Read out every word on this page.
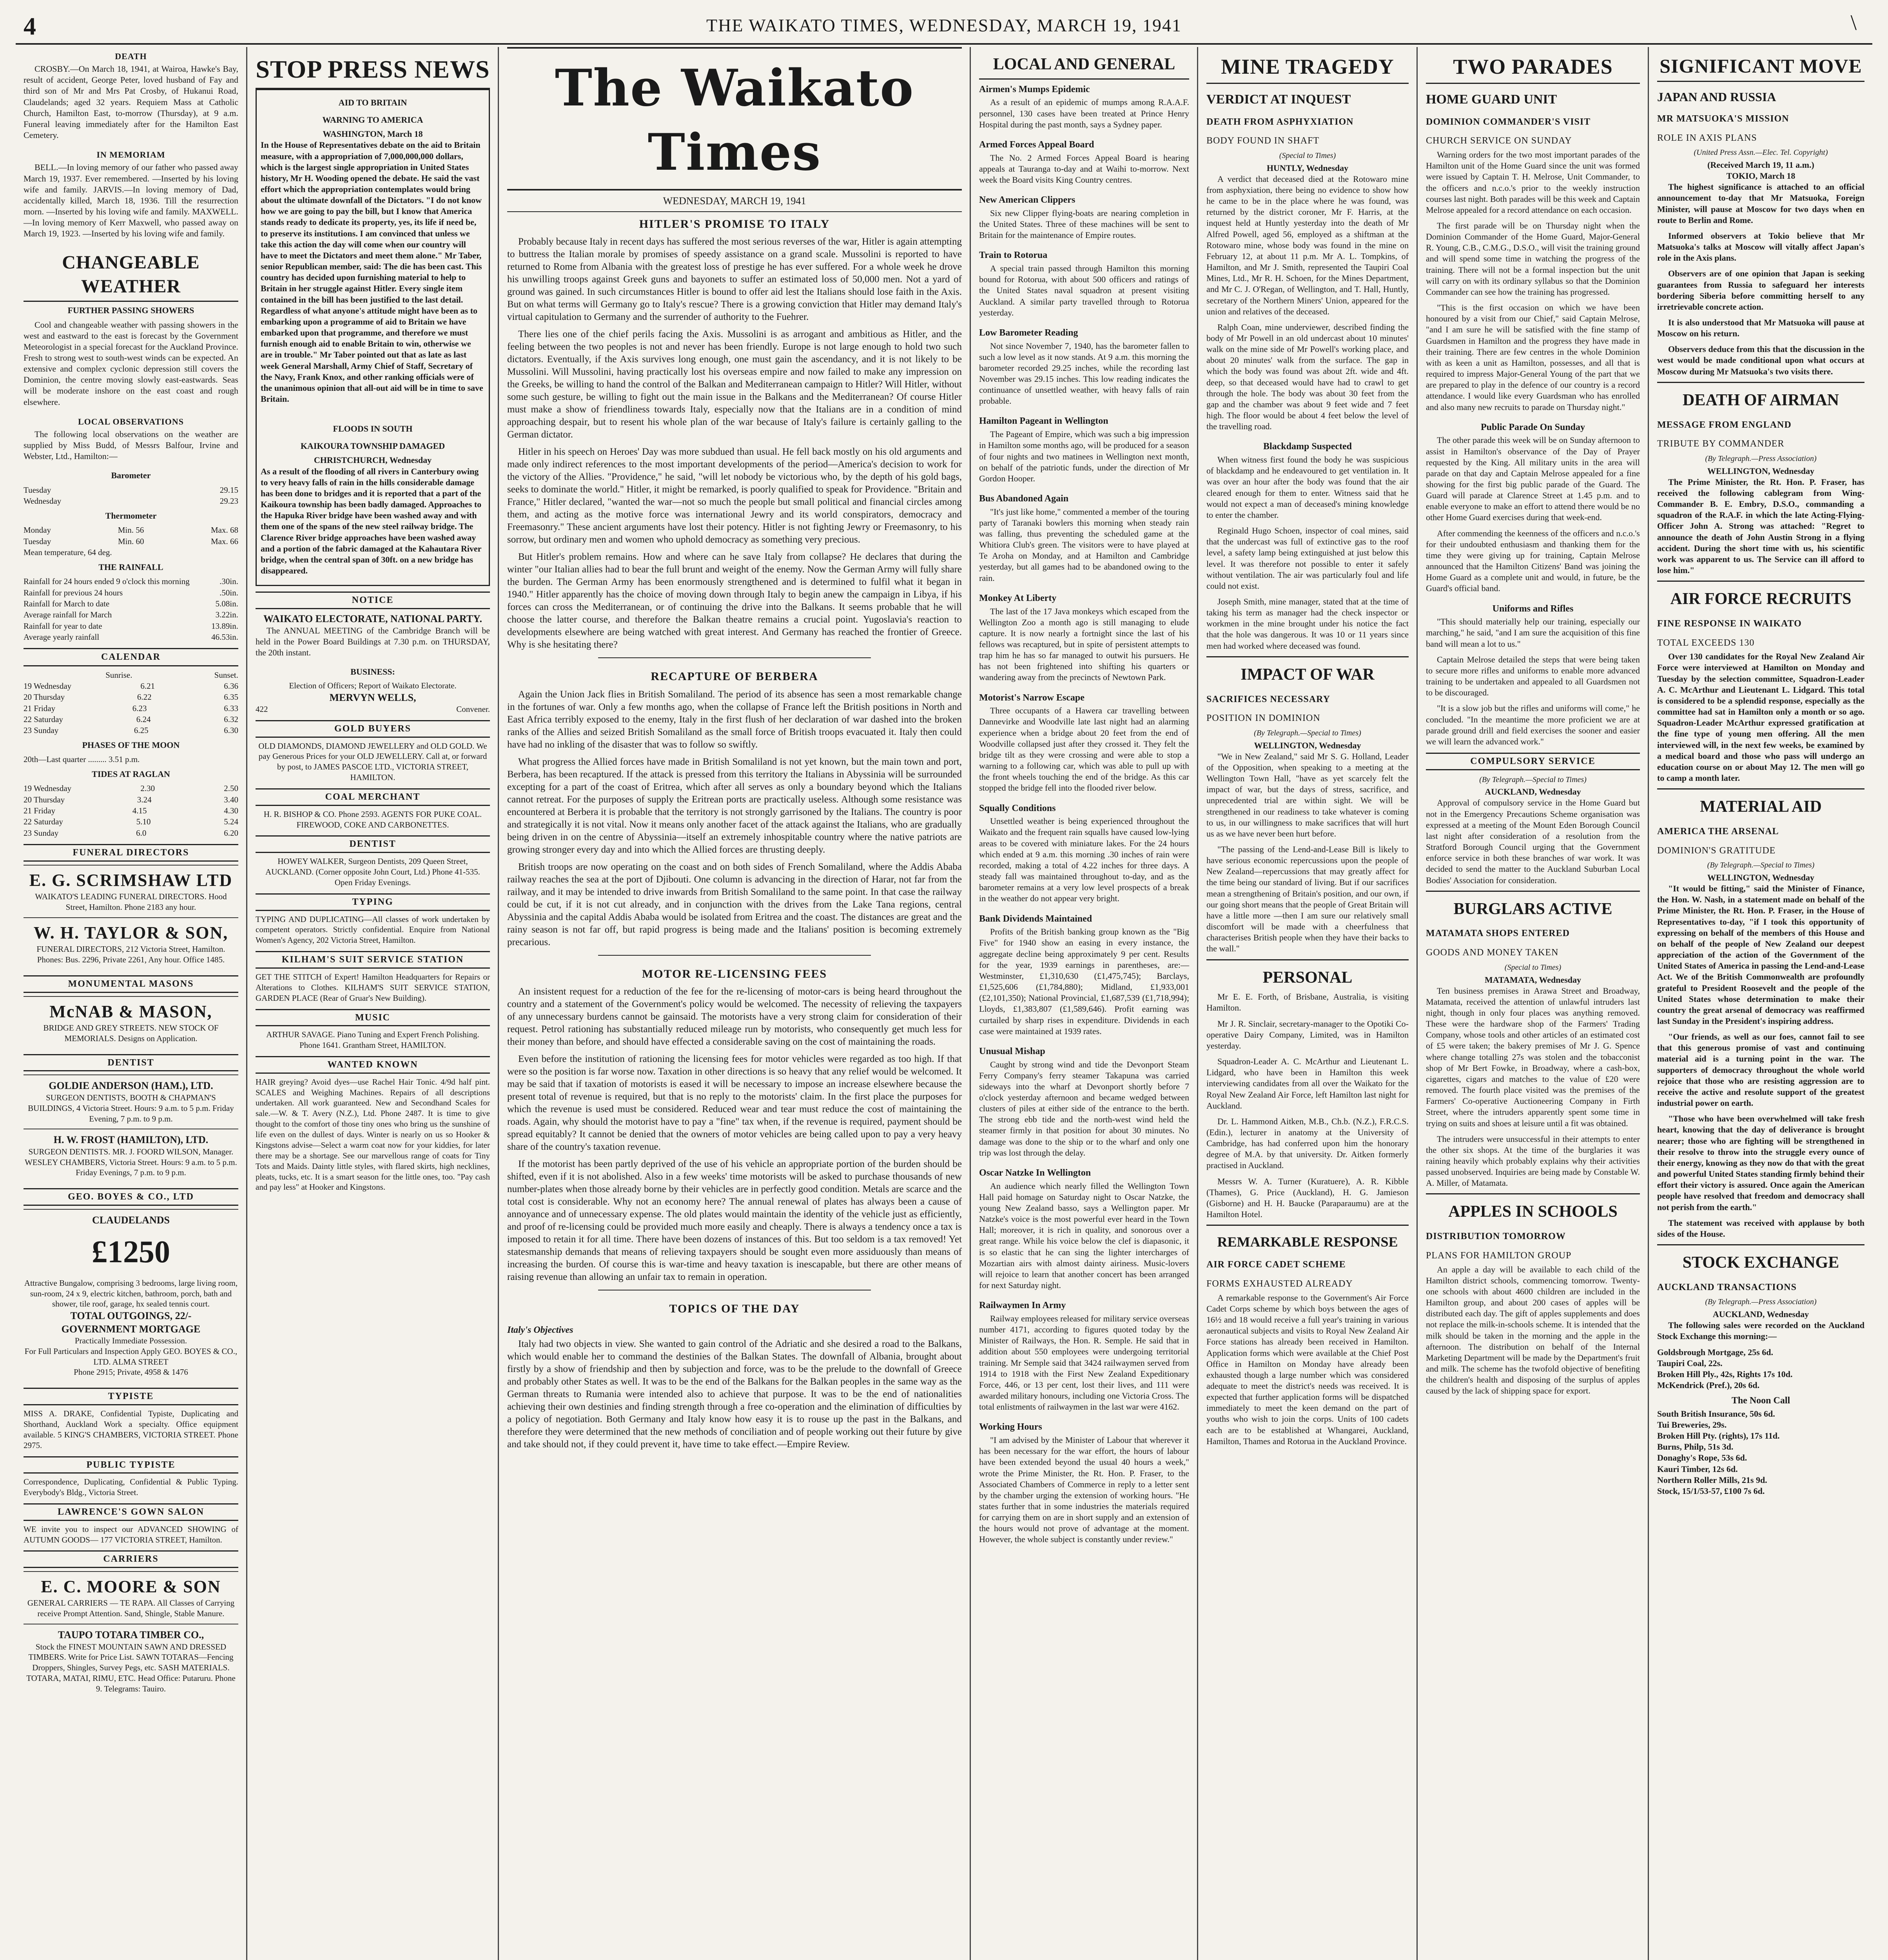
4	THE WAIKATO TIMES, WEDNESDAY, MARCH 19, 1941	\
DEATH

CROSBY.—On March 18, 1941, at Wairoa, Hawke's Bay, result of accident, George Peter, loved husband of Fay and third son of Mr and Mrs Pat Crosby, of Hukanui Road, Claudelands; aged 32 years. Requiem Mass at Catholic Church, Hamilton East, to-morrow (Thursday), at 9 a.m. Funeral leaving immediately after for the Hamilton East Cemetery.

IN MEMORIAM

BELL.—In loving memory of our father who passed away March 19, 1937. Ever remembered. —Inserted by his loving wife and family. JARVIS.—In loving memory of Dad, accidentally killed, March 18, 1936. Till the resurrection morn. —Inserted by his loving wife and family. MAXWELL.—In loving memory of Kerr Maxwell, who passed away on March 19, 1923. —Inserted by his loving wife and family.

CHANGEABLE WEATHER
FURTHER PASSING SHOWERS

Cool and changeable weather with passing showers in the west and eastward to the east is forecast by the Government Meteorologist in a special forecast for the Auckland Province. Fresh to strong west to south-west winds can be expected. An extensive and complex cyclonic depression still covers the Dominion, the centre moving slowly east-eastwards. Seas will be moderate inshore on the east coast and rough elsewhere.

LOCAL OBSERVATIONS

The following local observations on the weather are supplied by Miss Budd, of Messrs Balfour, Irvine and Webster, Ltd., Hamilton:—

Barometer
Tuesday	29.15
Wednesday	29.23
Thermometer
Monday	Min. 56	Max. 68
Tuesday	Min. 60	Max. 66
Mean temperature, 64 deg.
THE RAINFALL
Rainfall for 24 hours ended 9 o'clock this morning	.30in.
Rainfall for previous 24 hours	.50in.
Rainfall for March to date	5.08in.
Average rainfall for March	3.22in.
Rainfall for year to date	13.89in.
Average yearly rainfall	46.53in.
CALENDAR
Sunrise.	Sunset.
19 Wednesday	6.21	6.36
20 Thursday	6.22	6.35
21 Friday	6.23	6.33
22 Saturday	6.24	6.32
23 Sunday	6.25	6.30
PHASES OF THE MOON
20th—Last quarter ......... 3.51 p.m.
TIDES AT RAGLAN
19 Wednesday	2.30	2.50
20 Thursday	3.24	3.40
21 Friday	4.15	4.30
22 Saturday	5.10	5.24
23 Sunday	6.0	6.20
FUNERAL DIRECTORS
E. G. SCRIMSHAW LTD
WAIKATO'S LEADING FUNERAL DIRECTORS. Hood Street, Hamilton. Phone 2183 any hour.
W. H. TAYLOR & SON,
FUNERAL DIRECTORS, 212 Victoria Street, Hamilton. Phones: Bus. 2296, Private 2261, Any hour. Office 1485.
MONUMENTAL MASONS
McNAB & MASON,
BRIDGE AND GREY STREETS. NEW STOCK OF MEMORIALS. Designs on Application.
DENTIST
GOLDIE ANDERSON (HAM.), LTD.
SURGEON DENTISTS, BOOTH & CHAPMAN'S BUILDINGS, 4 Victoria Street. Hours: 9 a.m. to 5 p.m. Friday Evening, 7 p.m. to 9 p.m.
H. W. FROST (HAMILTON), LTD.
SURGEON DENTISTS. MR. J. FOORD WILSON, Manager. WESLEY CHAMBERS, Victoria Street. Hours: 9 a.m. to 5 p.m. Friday Evenings, 7 p.m. to 9 p.m.
GEO. BOYES & CO., LTD
CLAUDELANDS
£1250
Attractive Bungalow, comprising 3 bedrooms, large living room, sun-room, 24 x 9, electric kitchen, bathroom, porch, bath and shower, tile roof, garage, hx sealed tennis court.
TOTAL OUTGOINGS, 22/-
GOVERNMENT MORTGAGE
Practically Immediate Possession.
For Full Particulars and Inspection Apply GEO. BOYES & CO., LTD. ALMA STREET
Phone 2915; Private, 4958 & 1476
TYPISTE
MISS A. DRAKE, Confidential Typiste, Duplicating and Shorthand, Auckland Work a specialty. Office equipment available. 5 KING'S CHAMBERS, VICTORIA STREET. Phone 2975.
PUBLIC TYPISTE
Correspondence, Duplicating, Confidential & Public Typing. Everybody's Bldg., Victoria Street.
LAWRENCE'S GOWN SALON
WE invite you to inspect our ADVANCED SHOWING of AUTUMN GOODS— 177 VICTORIA STREET, Hamilton.
CARRIERS
E. C. MOORE & SON
GENERAL CARRIERS — TE RAPA. All Classes of Carrying receive Prompt Attention. Sand, Shingle, Stable Manure.
TAUPO TOTARA TIMBER CO.,
Stock the FINEST MOUNTAIN SAWN AND DRESSED TIMBERS. Write for Price List. SAWN TOTARAS—Fencing Droppers, Shingles, Survey Pegs, etc. SASH MATERIALS. TOTARA, MATAI, RIMU, ETC. Head Office: Putaruru. Phone 9. Telegrams: Tauiro.
STOP PRESS NEWS
AID TO BRITAIN
WARNING TO AMERICA
WASHINGTON, March 18

In the House of Representatives debate on the aid to Britain measure, with a appropriation of 7,000,000,000 dollars, which is the largest single appropriation in United States history, Mr H. Wooding opened the debate. He said the vast effort which the appropriation contemplates would bring about the ultimate downfall of the Dictators. "I do not know how we are going to pay the bill, but I know that America stands ready to dedicate its property, yes, its life if need be, to preserve its institutions. I am convinced that unless we take this action the day will come when our country will have to meet the Dictators and meet them alone." Mr Taber, senior Republican member, said: The die has been cast. This country has decided upon furnishing material to help to Britain in her struggle against Hitler. Every single item contained in the bill has been justified to the last detail. Regardless of what anyone's attitude might have been as to embarking upon a programme of aid to Britain we have embarked upon that programme, and therefore we must furnish enough aid to enable Britain to win, otherwise we are in trouble." Mr Taber pointed out that as late as last week General Marshall, Army Chief of Staff, Secretary of the Navy, Frank Knox, and other ranking officials were of the unanimous opinion that all-out aid will be in time to save Britain.

FLOODS IN SOUTH
KAIKOURA TOWNSHIP DAMAGED
CHRISTCHURCH, Wednesday

As a result of the flooding of all rivers in Canterbury owing to very heavy falls of rain in the hills considerable damage has been done to bridges and it is reported that a part of the Kaikoura township has been badly damaged. Approaches to the Hapuka River bridge have been washed away and with them one of the spans of the new steel railway bridge. The Clarence River bridge approaches have been washed away and a portion of the fabric damaged at the Kahautara River bridge, when the central span of 30ft. on a new bridge has disappeared.

NOTICE
WAIKATO ELECTORATE, NATIONAL PARTY.

The ANNUAL MEETING of the Cambridge Branch will be held in the Power Board Buildings at 7.30 p.m. on THURSDAY, the 20th instant.

BUSINESS:
Election of Officers; Report of Waikato Electorate.
MERVYN WELLS,
422	Convener.
GOLD BUYERS
OLD DIAMONDS, DIAMOND JEWELLERY and OLD GOLD. We pay Generous Prices for your OLD JEWELLERY. Call at, or forward by post, to JAMES PASCOE LTD., VICTORIA STREET, HAMILTON.
COAL MERCHANT
H. R. BISHOP & CO. Phone 2593. AGENTS FOR PUKE COAL. FIREWOOD, COKE AND CARBONETTES.
DENTIST
HOWEY WALKER, Surgeon Dentists, 209 Queen Street, AUCKLAND. (Corner opposite John Court, Ltd.) Phone 41-535. Open Friday Evenings.
TYPING
TYPING AND DUPLICATING—All classes of work undertaken by competent operators. Strictly confidential. Enquire from National Women's Agency, 202 Victoria Street, Hamilton.
KILHAM'S SUIT SERVICE STATION
GET THE STITCH of Expert! Hamilton Headquarters for Repairs or Alterations to Clothes. KILHAM'S SUIT SERVICE STATION, GARDEN PLACE (Rear of Gruar's New Building).
MUSIC
ARTHUR SAVAGE. Piano Tuning and Expert French Polishing. Phone 1641. Grantham Street, HAMILTON.
WANTED KNOWN
HAIR greying? Avoid dyes—use Rachel Hair Tonic. 4/9d half pint. SCALES and Weighing Machines. Repairs of all descriptions undertaken. All work guaranteed. New and Secondhand Scales for sale.—W. & T. Avery (N.Z.), Ltd. Phone 2487. It is time to give thought to the comfort of those tiny ones who bring us the sunshine of life even on the dullest of days. Winter is nearly on us so Hooker & Kingstons advise—Select a warm coat now for your kiddies, for later there may be a shortage. See our marvellous range of coats for Tiny Tots and Maids. Dainty little styles, with flared skirts, high necklines, pleats, tucks, etc. It is a smart season for the little ones, too. "Pay cash and pay less" at Hooker and Kingstons.
The Waikato Times
WEDNESDAY, MARCH 19, 1941
HITLER'S PROMISE TO ITALY

Probably because Italy in recent days has suffered the most serious reverses of the war, Hitler is again attempting to buttress the Italian morale by promises of speedy assistance on a grand scale. Mussolini is reported to have returned to Rome from Albania with the greatest loss of prestige he has ever suffered. For a whole week he drove his unwilling troops against Greek guns and bayonets to suffer an estimated loss of 50,000 men. Not a yard of ground was gained. In such circumstances Hitler is bound to offer aid lest the Italians should lose faith in the Axis. But on what terms will Germany go to Italy's rescue? There is a growing conviction that Hitler may demand Italy's virtual capitulation to Germany and the surrender of authority to the Fuehrer.

There lies one of the chief perils facing the Axis. Mussolini is as arrogant and ambitious as Hitler, and the feeling between the two peoples is not and never has been friendly. Europe is not large enough to hold two such dictators. Eventually, if the Axis survives long enough, one must gain the ascendancy, and it is not likely to be Mussolini. Will Mussolini, having practically lost his overseas empire and now failed to make any impression on the Greeks, be willing to hand the control of the Balkan and Mediterranean campaign to Hitler? Will Hitler, without some such gesture, be willing to fight out the main issue in the Balkans and the Mediterranean? Of course Hitler must make a show of friendliness towards Italy, especially now that the Italians are in a condition of mind approaching despair, but to resent his whole plan of the war because of Italy's failure is certainly galling to the German dictator.

Hitler in his speech on Heroes' Day was more subdued than usual. He fell back mostly on his old arguments and made only indirect references to the most important developments of the period—America's decision to work for the victory of the Allies. "Providence," he said, "will let nobody be victorious who, by the depth of his gold bags, seeks to dominate the world." Hitler, it might be remarked, is poorly qualified to speak for Providence. "Britain and France," Hitler declared, "wanted the war—not so much the people but small political and financial circles among them, and acting as the motive force was international Jewry and its world conspirators, democracy and Freemasonry." These ancient arguments have lost their potency. Hitler is not fighting Jewry or Freemasonry, to his sorrow, but ordinary men and women who uphold democracy as something very precious.

But Hitler's problem remains. How and where can he save Italy from collapse? He declares that during the winter "our Italian allies had to bear the full brunt and weight of the enemy. Now the German Army will fully share the burden. The German Army has been enormously strengthened and is determined to fulfil what it began in 1940." Hitler apparently has the choice of moving down through Italy to begin anew the campaign in Libya, if his forces can cross the Mediterranean, or of continuing the drive into the Balkans. It seems probable that he will choose the latter course, and therefore the Balkan theatre remains a crucial point. Yugoslavia's reaction to developments elsewhere are being watched with great interest. And Germany has reached the frontier of Greece. Why is she hesitating there?

RECAPTURE OF BERBERA

Again the Union Jack flies in British Somaliland. The period of its absence has seen a most remarkable change in the fortunes of war. Only a few months ago, when the collapse of France left the British positions in North and East Africa terribly exposed to the enemy, Italy in the first flush of her declaration of war dashed into the broken ranks of the Allies and seized British Somaliland as the small force of British troops evacuated it. Italy then could have had no inkling of the disaster that was to follow so swiftly.

What progress the Allied forces have made in British Somaliland is not yet known, but the main town and port, Berbera, has been recaptured. If the attack is pressed from this territory the Italians in Abyssinia will be surrounded excepting for a part of the coast of Eritrea, which after all serves as only a boundary beyond which the Italians cannot retreat. For the purposes of supply the Eritrean ports are practically useless. Although some resistance was encountered at Berbera it is probable that the territory is not strongly garrisoned by the Italians. The country is poor and strategically it is not vital. Now it means only another facet of the attack against the Italians, who are gradually being driven in on the centre of Abyssinia—itself an extremely inhospitable country where the native patriots are growing stronger every day and into which the Allied forces are thrusting deeply.

British troops are now operating on the coast and on both sides of French Somaliland, where the Addis Ababa railway reaches the sea at the port of Djibouti. One column is advancing in the direction of Harar, not far from the railway, and it may be intended to drive inwards from British Somaliland to the same point. In that case the railway could be cut, if it is not cut already, and in conjunction with the drives from the Lake Tana regions, central Abyssinia and the capital Addis Ababa would be isolated from Eritrea and the coast. The distances are great and the rainy season is not far off, but rapid progress is being made and the Italians' position is becoming extremely precarious.

MOTOR RE-LICENSING FEES

An insistent request for a reduction of the fee for the re-licensing of motor-cars is being heard throughout the country and a statement of the Government's policy would be welcomed. The necessity of relieving the taxpayers of any unnecessary burdens cannot be gainsaid. The motorists have a very strong claim for consideration of their request. Petrol rationing has substantially reduced mileage run by motorists, who consequently get much less for their money than before, and should have effected a considerable saving on the cost of maintaining the roads.

Even before the institution of rationing the licensing fees for motor vehicles were regarded as too high. If that were so the position is far worse now. Taxation in other directions is so heavy that any relief would be welcomed. It may be said that if taxation of motorists is eased it will be necessary to impose an increase elsewhere because the present total of revenue is required, but that is no reply to the motorists' claim. In the first place the purposes for which the revenue is used must be considered. Reduced wear and tear must reduce the cost of maintaining the roads. Again, why should the motorist have to pay a "fine" tax when, if the revenue is required, payment should be spread equitably? It cannot be denied that the owners of motor vehicles are being called upon to pay a very heavy share of the country's taxation revenue.

If the motorist has been partly deprived of the use of his vehicle an appropriate portion of the burden should be shifted, even if it is not abolished. Also in a few weeks' time motorists will be asked to purchase thousands of new number-plates when those already borne by their vehicles are in perfectly good condition. Metals are scarce and the total cost is considerable. Why not an economy here? The annual renewal of plates has always been a cause of annoyance and of unnecessary expense. The old plates would maintain the identity of the vehicle just as efficiently, and proof of re-licensing could be provided much more easily and cheaply. There is always a tendency once a tax is imposed to retain it for all time. There have been dozens of instances of this. But too seldom is a tax removed! Yet statesmanship demands that means of relieving taxpayers should be sought even more assiduously than means of increasing the burden. Of course this is war-time and heavy taxation is inescapable, but there are other means of raising revenue than allowing an unfair tax to remain in operation.

TOPICS OF THE DAY
Italy's Objectives

Italy had two objects in view. She wanted to gain control of the Adriatic and she desired a road to the Balkans, which would enable her to command the destinies of the Balkan States. The downfall of Albania, brought about firstly by a show of friendship and then by subjection and force, was to be the prelude to the downfall of Greece and probably other States as well. It was to be the end of the Balkans for the Balkan peoples in the same way as the German threats to Rumania were intended also to achieve that purpose. It was to be the end of nationalities achieving their own destinies and finding strength through a free co-operation and the elimination of difficulties by a policy of negotiation. Both Germany and Italy know how easy it is to rouse up the past in the Balkans, and therefore they were determined that the new methods of conciliation and of people working out their future by give and take should not, if they could prevent it, have time to take effect.—Empire Review.

LOCAL AND GENERAL
Airmen's Mumps Epidemic

As a result of an epidemic of mumps among R.A.A.F. personnel, 130 cases have been treated at Prince Henry Hospital during the past month, says a Sydney paper.

Armed Forces Appeal Board

The No. 2 Armed Forces Appeal Board is hearing appeals at Tauranga to-day and at Waihi to-morrow. Next week the Board visits King Country centres.

New American Clippers

Six new Clipper flying-boats are nearing completion in the United States. Three of these machines will be sent to Britain for the maintenance of Empire routes.

Train to Rotorua

A special train passed through Hamilton this morning bound for Rotorua, with about 500 officers and ratings of the United States naval squadron at present visiting Auckland. A similar party travelled through to Rotorua yesterday.

Low Barometer Reading

Not since November 7, 1940, has the barometer fallen to such a low level as it now stands. At 9 a.m. this morning the barometer recorded 29.25 inches, while the recording last November was 29.15 inches. This low reading indicates the continuance of unsettled weather, with heavy falls of rain probable.

Hamilton Pageant in Wellington

The Pageant of Empire, which was such a big impression in Hamilton some months ago, will be produced for a season of four nights and two matinees in Wellington next month, on behalf of the patriotic funds, under the direction of Mr Gordon Hooper.

Bus Abandoned Again

"It's just like home," commented a member of the touring party of Taranaki bowlers this morning when steady rain was falling, thus preventing the scheduled game at the Whitiora Club's green. The visitors were to have played at Te Aroha on Monday, and at Hamilton and Cambridge yesterday, but all games had to be abandoned owing to the rain.

Monkey At Liberty

The last of the 17 Java monkeys which escaped from the Wellington Zoo a month ago is still managing to elude capture. It is now nearly a fortnight since the last of his fellows was recaptured, but in spite of persistent attempts to trap him he has so far managed to outwit his pursuers. He has not been frightened into shifting his quarters or wandering away from the precincts of Newtown Park.

Motorist's Narrow Escape

Three occupants of a Hawera car travelling between Dannevirke and Woodville late last night had an alarming experience when a bridge about 20 feet from the end of Woodville collapsed just after they crossed it. They felt the bridge tilt as they were crossing and were able to stop a warning to a following car, which was able to pull up with the front wheels touching the end of the bridge. As this car stopped the bridge fell into the flooded river below.

Squally Conditions

Unsettled weather is being experienced throughout the Waikato and the frequent rain squalls have caused low-lying areas to be covered with miniature lakes. For the 24 hours which ended at 9 a.m. this morning .30 inches of rain were recorded, making a total of 4.22 inches for three days. A steady fall was maintained throughout to-day, and as the barometer remains at a very low level prospects of a break in the weather do not appear very bright.

Bank Dividends Maintained

Profits of the British banking group known as the "Big Five" for 1940 show an easing in every instance, the aggregate decline being approximately 9 per cent. Results for the year, 1939 earnings in parentheses, are:—Westminster, £1,310,630 (£1,475,745); Barclays, £1,525,606 (£1,784,880); Midland, £1,933,001 (£2,101,350); National Provincial, £1,687,539 (£1,718,994); Lloyds, £1,383,807 (£1,589,646). Profit earning was curtailed by sharp rises in expenditure. Dividends in each case were maintained at 1939 rates.

Unusual Mishap

Caught by strong wind and tide the Devonport Steam Ferry Company's ferry steamer Takapuna was carried sideways into the wharf at Devonport shortly before 7 o'clock yesterday afternoon and became wedged between clusters of piles at either side of the entrance to the berth. The strong ebb tide and the north-west wind held the steamer firmly in that position for about 30 minutes. No damage was done to the ship or to the wharf and only one trip was lost through the delay.

Oscar Natzke In Wellington

An audience which nearly filled the Wellington Town Hall paid homage on Saturday night to Oscar Natzke, the young New Zealand basso, says a Wellington paper. Mr Natzke's voice is the most powerful ever heard in the Town Hall; moreover, it is rich in quality, and sonorous over a great range. While his voice below the clef is diapasonic, it is so elastic that he can sing the lighter intercharges of Mozartian airs with almost dainty airiness. Music-lovers will rejoice to learn that another concert has been arranged for next Saturday night.

Railwaymen In Army

Railway employees released for military service overseas number 4171, according to figures quoted today by the Minister of Railways, the Hon. R. Semple. He said that in addition about 550 employees were undergoing territorial training. Mr Semple said that 3424 railwaymen served from 1914 to 1918 with the First New Zealand Expeditionary Force, 446, or 13 per cent, lost their lives, and 111 were awarded military honours, including one Victoria Cross. The total enlistments of railwaymen in the last war were 4162.

Working Hours

"I am advised by the Minister of Labour that wherever it has been necessary for the war effort, the hours of labour have been extended beyond the usual 40 hours a week," wrote the Prime Minister, the Rt. Hon. P. Fraser, to the Associated Chambers of Commerce in reply to a letter sent by the chamber urging the extension of working hours. "He states further that in some industries the materials required for carrying them on are in short supply and an extension of the hours would not prove of advantage at the moment. However, the whole subject is constantly under review."

MINE TRAGEDY
VERDICT AT INQUEST
DEATH FROM ASPHYXIATION
BODY FOUND IN SHAFT
(Special to Times)
HUNTLY, Wednesday

A verdict that deceased died at the Rotowaro mine from asphyxiation, there being no evidence to show how he came to be in the place where he was found, was returned by the district coroner, Mr F. Harris, at the inquest held at Huntly yesterday into the death of Mr Alfred Powell, aged 56, employed as a shiftman at the Rotowaro mine, whose body was found in the mine on February 12, at about 11 p.m. Mr A. L. Tompkins, of Hamilton, and Mr J. Smith, represented the Taupiri Coal Mines, Ltd., Mr R. H. Schoen, for the Mines Department, and Mr C. J. O'Regan, of Wellington, and T. Hall, Huntly, secretary of the Northern Miners' Union, appeared for the union and relatives of the deceased.

Ralph Coan, mine underviewer, described finding the body of Mr Powell in an old undercast about 10 minutes' walk on the mine side of Mr Powell's working place, and about 20 minutes' walk from the surface. The gap in which the body was found was about 2ft. wide and 4ft. deep, so that deceased would have had to crawl to get through the hole. The body was about 30 feet from the gap and the chamber was about 9 feet wide and 7 feet high. The floor would be about 4 feet below the level of the travelling road.

Blackdamp Suspected

When witness first found the body he was suspicious of blackdamp and he endeavoured to get ventilation in. It was over an hour after the body was found that the air cleared enough for them to enter. Witness said that he would not expect a man of deceased's mining knowledge to enter the chamber.

Reginald Hugo Schoen, inspector of coal mines, said that the undercast was full of extinctive gas to the roof level, a safety lamp being extinguished at just below this level. It was therefore not possible to enter it safely without ventilation. The air was particularly foul and life could not exist.

Joseph Smith, mine manager, stated that at the time of taking his term as manager had the check inspector or workmen in the mine brought under his notice the fact that the hole was dangerous. It was 10 or 11 years since men had worked where deceased was found.

IMPACT OF WAR
SACRIFICES NECESSARY
POSITION IN DOMINION
(By Telegraph.—Special to Times)
WELLINGTON, Wednesday

"We in New Zealand," said Mr S. G. Holland, Leader of the Opposition, when speaking to a meeting at the Wellington Town Hall, "have as yet scarcely felt the impact of war, but the days of stress, sacrifice, and unprecedented trial are within sight. We will be strengthened in our readiness to take whatever is coming to us, in our willingness to make sacrifices that will hurt us as we have never been hurt before.

"The passing of the Lend-and-Lease Bill is likely to have serious economic repercussions upon the people of New Zealand—repercussions that may greatly affect for the time being our standard of living. But if our sacrifices mean a strengthening of Britain's position, and our own, if our going short means that the people of Great Britain will have a little more —then I am sure our relatively small discomfort will be made with a cheerfulness that characterises British people when they have their backs to the wall."

PERSONAL

Mr E. E. Forth, of Brisbane, Australia, is visiting Hamilton.

Mr J. R. Sinclair, secretary-manager to the Opotiki Co-operative Dairy Company, Limited, was in Hamilton yesterday.

Squadron-Leader A. C. McArthur and Lieutenant L. Lidgard, who have been in Hamilton this week interviewing candidates from all over the Waikato for the Royal New Zealand Air Force, left Hamilton last night for Auckland.

Dr. L. Hammond Aitken, M.B., Ch.b. (N.Z.), F.R.C.S. (Edin.), lecturer in anatomy at the University of Cambridge, has had conferred upon him the honorary degree of M.A. by that university. Dr. Aitken formerly practised in Auckland.

Messrs W. A. Turner (Kuratuere), A. R. Kibble (Thames), G. Price (Auckland), H. G. Jamieson (Gisborne) and H. H. Baucke (Paraparaumu) are at the Hamilton Hotel.

REMARKABLE RESPONSE
AIR FORCE CADET SCHEME
FORMS EXHAUSTED ALREADY

A remarkable response to the Government's Air Force Cadet Corps scheme by which boys between the ages of 16½ and 18 would receive a full year's training in various aeronautical subjects and visits to Royal New Zealand Air Force stations has already been received in Hamilton. Application forms which were available at the Chief Post Office in Hamilton on Monday have already been exhausted though a large number which was considered adequate to meet the district's needs was received. It is expected that further application forms will be dispatched immediately to meet the keen demand on the part of youths who wish to join the corps. Units of 100 cadets each are to be established at Whangarei, Auckland, Hamilton, Thames and Rotorua in the Auckland Province.

TWO PARADES
HOME GUARD UNIT
DOMINION COMMANDER'S VISIT
CHURCH SERVICE ON SUNDAY

Warning orders for the two most important parades of the Hamilton unit of the Home Guard since the unit was formed were issued by Captain T. H. Melrose, Unit Commander, to the officers and n.c.o.'s prior to the weekly instruction courses last night. Both parades will be this week and Captain Melrose appealed for a record attendance on each occasion.

The first parade will be on Thursday night when the Dominion Commander of the Home Guard, Major-General R. Young, C.B., C.M.G., D.S.O., will visit the training ground and will spend some time in watching the progress of the training. There will not be a formal inspection but the unit will carry on with its ordinary syllabus so that the Dominion Commander can see how the training has progressed.

"This is the first occasion on which we have been honoured by a visit from our Chief," said Captain Melrose, "and I am sure he will be satisfied with the fine stamp of Guardsmen in Hamilton and the progress they have made in their training. There are few centres in the whole Dominion with as keen a unit as Hamilton, possesses, and all that is required to impress Major-General Young of the part that we are prepared to play in the defence of our country is a record attendance. I would like every Guardsman who has enrolled and also many new recruits to parade on Thursday night."

Public Parade On Sunday

The other parade this week will be on Sunday afternoon to assist in Hamilton's observance of the Day of Prayer requested by the King. All military units in the area will parade on that day and Captain Melrose appealed for a fine showing for the first big public parade of the Guard. The Guard will parade at Clarence Street at 1.45 p.m. and to enable everyone to make an effort to attend there would be no other Home Guard exercises during that week-end.

After commending the keenness of the officers and n.c.o.'s for their undoubted enthusiasm and thanking them for the time they were giving up for training, Captain Melrose announced that the Hamilton Citizens' Band was joining the Home Guard as a complete unit and would, in future, be the Guard's official band.

Uniforms and Rifles

"This should materially help our training, especially our marching," he said, "and I am sure the acquisition of this fine band will mean a lot to us."

Captain Melrose detailed the steps that were being taken to secure more rifles and uniforms to enable more advanced training to be undertaken and appealed to all Guardsmen not to be discouraged.

"It is a slow job but the rifles and uniforms will come," he concluded. "In the meantime the more proficient we are at parade ground drill and field exercises the sooner and easier we will learn the advanced work."

COMPULSORY SERVICE
(By Telegraph.—Special to Times)
AUCKLAND, Wednesday

Approval of compulsory service in the Home Guard but not in the Emergency Precautions Scheme organisation was expressed at a meeting of the Mount Eden Borough Council last night after consideration of a resolution from the Stratford Borough Council urging that the Government enforce service in both these branches of war work. It was decided to send the matter to the Auckland Suburban Local Bodies' Association for consideration.

BURGLARS ACTIVE
MATAMATA SHOPS ENTERED
GOODS AND MONEY TAKEN
(Special to Times)
MATAMATA, Wednesday

Ten business premises in Arawa Street and Broadway, Matamata, received the attention of unlawful intruders last night, though in only four places was anything removed. These were the hardware shop of the Farmers' Trading Company, whose tools and other articles of an estimated cost of £5 were taken; the bakery premises of Mr J. G. Spence where change totalling 27s was stolen and the tobacconist shop of Mr Bert Fowke, in Broadway, where a cash-box, cigarettes, cigars and matches to the value of £20 were removed. The fourth place visited was the premises of the Farmers' Co-operative Auctioneering Company in Firth Street, where the intruders apparently spent some time in trying on suits and shoes at leisure until a fit was obtained.

The intruders were unsuccessful in their attempts to enter the other six shops. At the time of the burglaries it was raining heavily which probably explains why their activities passed unobserved. Inquiries are being made by Constable W. A. Miller, of Matamata.

APPLES IN SCHOOLS
DISTRIBUTION TOMORROW
PLANS FOR HAMILTON GROUP

An apple a day will be available to each child of the Hamilton district schools, commencing tomorrow. Twenty-one schools with about 4600 children are included in the Hamilton group, and about 200 cases of apples will be distributed each day. The gift of apples supplements and does not replace the milk-in-schools scheme. It is intended that the milk should be taken in the morning and the apple in the afternoon. The distribution on behalf of the Internal Marketing Department will be made by the Department's fruit and milk. The scheme has the twofold objective of benefiting the children's health and disposing of the surplus of apples caused by the lack of shipping space for export.

SIGNIFICANT MOVE
JAPAN AND RUSSIA
MR MATSUOKA'S MISSION
ROLE IN AXIS PLANS
(United Press Assn.—Elec. Tel. Copyright)
(Received March 19, 11 a.m.)
TOKIO, March 18

The highest significance is attached to an official announcement to-day that Mr Matsuoka, Foreign Minister, will pause at Moscow for two days when en route to Berlin and Rome.

Informed observers at Tokio believe that Mr Matsuoka's talks at Moscow will vitally affect Japan's role in the Axis plans.

Observers are of one opinion that Japan is seeking guarantees from Russia to safeguard her interests bordering Siberia before committing herself to any irretrievable concrete action.

It is also understood that Mr Matsuoka will pause at Moscow on his return.

Observers deduce from this that the discussion in the west would be made conditional upon what occurs at Moscow during Mr Matsuoka's two visits there.

DEATH OF AIRMAN
MESSAGE FROM ENGLAND
TRIBUTE BY COMMANDER
(By Telegraph.—Press Association)
WELLINGTON, Wednesday

The Prime Minister, the Rt. Hon. P. Fraser, has received the following cablegram from Wing-Commander B. E. Embry, D.S.O., commanding a squadron of the R.A.F. in which the late Acting-Flying-Officer John A. Strong was attached: "Regret to announce the death of John Austin Strong in a flying accident. During the short time with us, his scientific work was apparent to us. The Service can ill afford to lose him."

AIR FORCE RECRUITS
FINE RESPONSE IN WAIKATO
TOTAL EXCEEDS 130

Over 130 candidates for the Royal New Zealand Air Force were interviewed at Hamilton on Monday and Tuesday by the selection committee, Squadron-Leader A. C. McArthur and Lieutenant L. Lidgard. This total is considered to be a splendid response, especially as the committee had sat in Hamilton only a month or so ago. Squadron-Leader McArthur expressed gratification at the fine type of young men offering. All the men interviewed will, in the next few weeks, be examined by a medical board and those who pass will undergo an education course on or about May 12. The men will go to camp a month later.

MATERIAL AID
AMERICA THE ARSENAL
DOMINION'S GRATITUDE
(By Telegraph.—Special to Times)
WELLINGTON, Wednesday

"It would be fitting," said the Minister of Finance, the Hon. W. Nash, in a statement made on behalf of the Prime Minister, the Rt. Hon. P. Fraser, in the House of Representatives to-day, "if I took this opportunity of expressing on behalf of the members of this House and on behalf of the people of New Zealand our deepest appreciation of the action of the Government of the United States of America in passing the Lend-and-Lease Act. We of the British Commonwealth are profoundly grateful to President Roosevelt and the people of the United States whose determination to make their country the great arsenal of democracy was reaffirmed last Sunday in the President's inspiring address.

"Our friends, as well as our foes, cannot fail to see that this generous promise of vast and continuing material aid is a turning point in the war. The supporters of democracy throughout the whole world rejoice that those who are resisting aggression are to receive the active and resolute support of the greatest industrial power on earth.

"Those who have been overwhelmed will take fresh heart, knowing that the day of deliverance is brought nearer; those who are fighting will be strengthened in their resolve to throw into the struggle every ounce of their energy, knowing as they now do that with the great and powerful United States standing firmly behind their effort their victory is assured. Once again the American people have resolved that freedom and democracy shall not perish from the earth."

The statement was received with applause by both sides of the House.

STOCK EXCHANGE
AUCKLAND TRANSACTIONS
(By Telegraph.—Press Association)
AUCKLAND, Wednesday

The following sales were recorded on the Auckland Stock Exchange this morning:—

Goldsbrough Mortgage, 25s 6d.
Taupiri Coal, 22s.
Broken Hill Ply., 42s, Rights 17s 10d.
McKendrick (Pref.), 20s 6d.
The Noon Call
South British Insurance, 50s 6d.
Tui Breweries, 29s.
Broken Hill Pty. (rights), 17s 11d.
Burns, Philp, 51s 3d.
Donaghy's Rope, 53s 6d.
Kauri Timber, 12s 6d.
Northern Roller Mills, 21s 9d.
Stock, 15/1/53-57, £100 7s 6d.
